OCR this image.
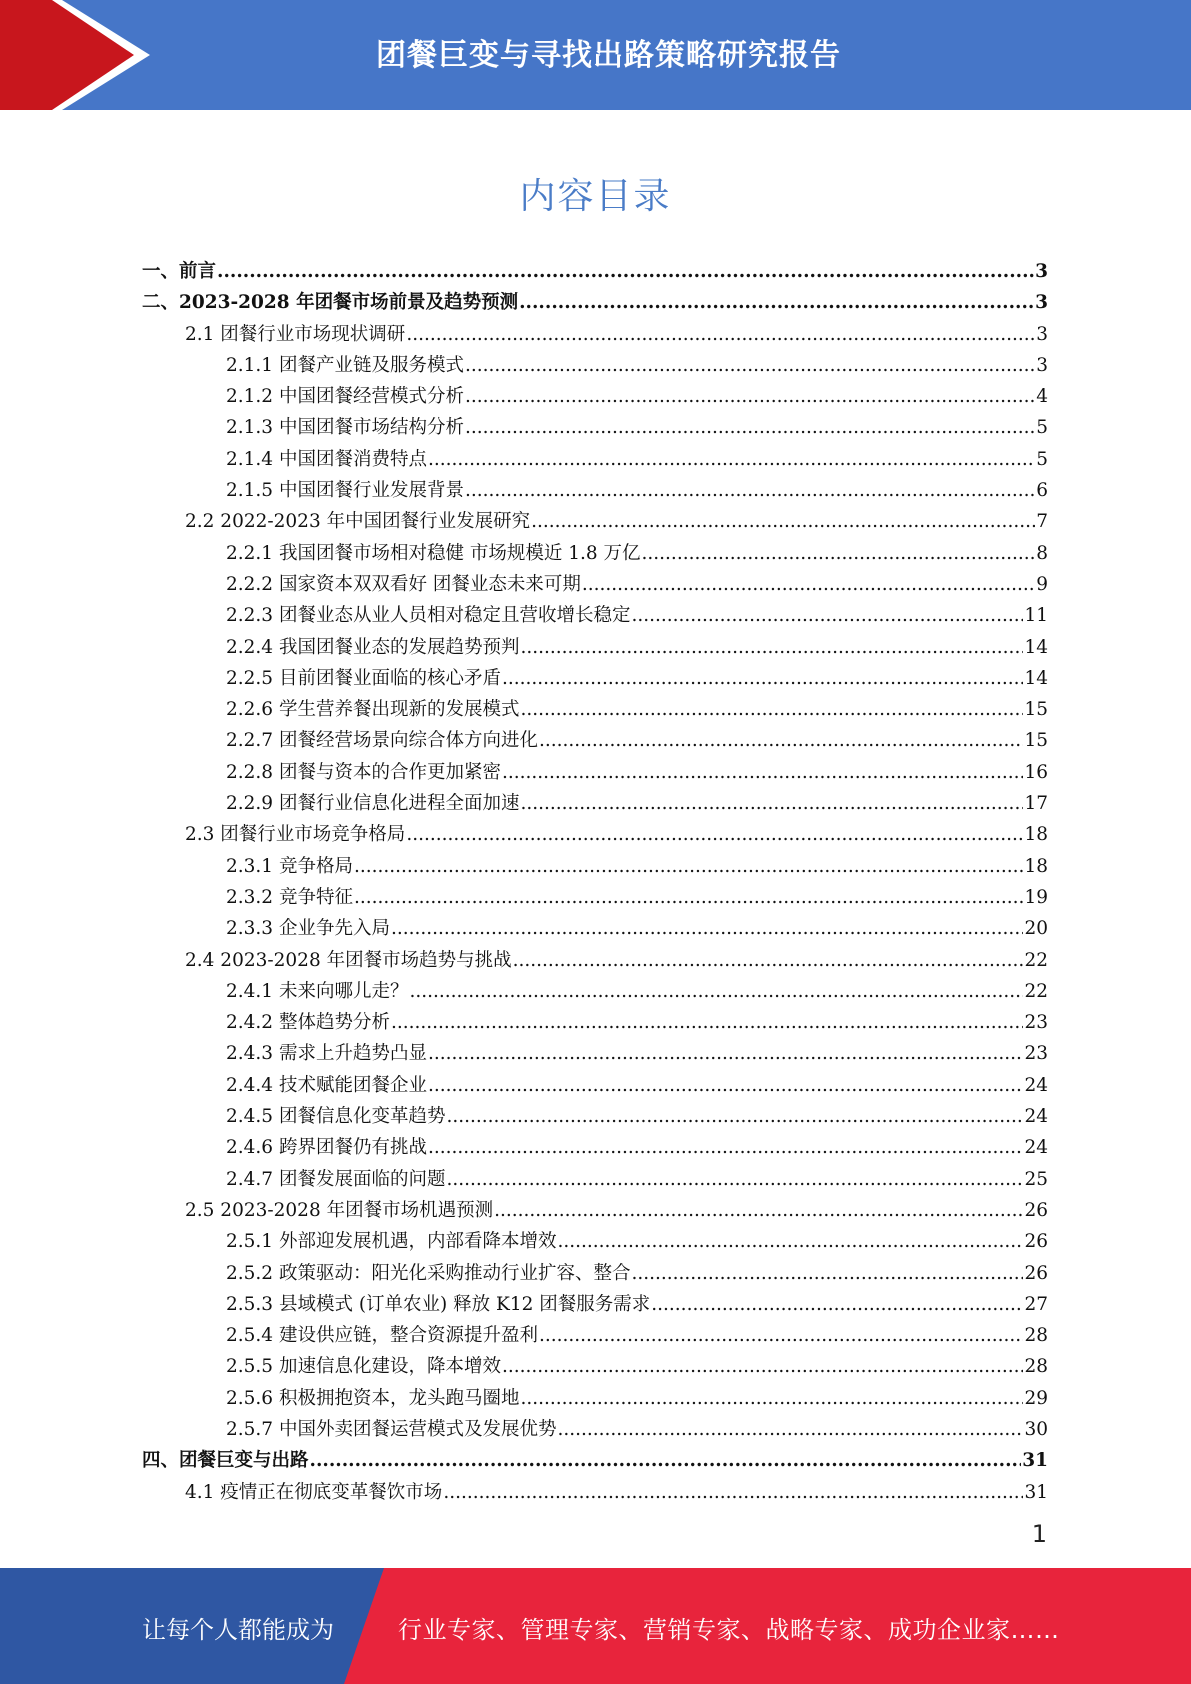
团餐巨变与寻找出路策略研究报告
内容目录
一、前言 .....	3
二、2023-2028 年团餐市场前景及趋势预测 .....	3
2.1 团餐行业市场现状调研 .....	3
2.1.1 团餐产业链及服务模式 .....	3
2.1.2 中国团餐经营模式分析 .....	4
2.1.3 中国团餐市场结构分析 .....	5
2.1.4 中国团餐消费特点 .....	5
2.1.5 中国团餐行业发展背景 .....	6
2.2 2022-2023 年中国团餐行业发展研究 .....	7
2.2.1 我国团餐市场相对稳健 市场规模近 1.8 万亿 .....	8
2.2.2 国家资本双双看好 团餐业态未来可期 .....	9
2.2.3 团餐业态从业人员相对稳定且营收增长稳定 .....	11
2.2.4 我国团餐业态的发展趋势预判 .....	14
2.2.5 目前团餐业面临的核心矛盾 .....	14
2.2.6 学生营养餐出现新的发展模式 .....	15
2.2.7 团餐经营场景向综合体方向进化 .....	15
2.2.8 团餐与资本的合作更加紧密 .....	16
2.2.9 团餐行业信息化进程全面加速 .....	17
2.3 团餐行业市场竞争格局 .....	18
2.3.1 竞争格局 .....	18
2.3.2 竞争特征 .....	19
2.3.3 企业争先入局 .....	20
2.4 2023-2028 年团餐市场趋势与挑战 .....	22
2.4.1 未来向哪儿走？ .....	22
2.4.2 整体趋势分析 .....	23
2.4.3 需求上升趋势凸显 .....	23
2.4.4 技术赋能团餐企业 .....	24
2.4.5 团餐信息化变革趋势 .....	24
2.4.6 跨界团餐仍有挑战 .....	24
2.4.7 团餐发展面临的问题 .....	25
2.5 2023-2028 年团餐市场机遇预测 .....	26
2.5.1 外部迎发展机遇，内部看降本增效 .....	26
2.5.2 政策驱动：阳光化采购推动行业扩容、整合 .....	26
2.5.3 县域模式 (订单农业) 释放 K12 团餐服务需求 .....	27
2.5.4 建设供应链，整合资源提升盈利 .....	28
2.5.5 加速信息化建设，降本增效 .....	28
2.5.6 积极拥抱资本，龙头跑马圈地 .....	29
2.5.7 中国外卖团餐运营模式及发展优势 .....	30
四、团餐巨变与出路 .....	31
4.1 疫情正在彻底变革餐饮市场 .....	31
1
让每个人都能成为	行业专家、管理专家、营销专家、战略专家、成功企业家……
